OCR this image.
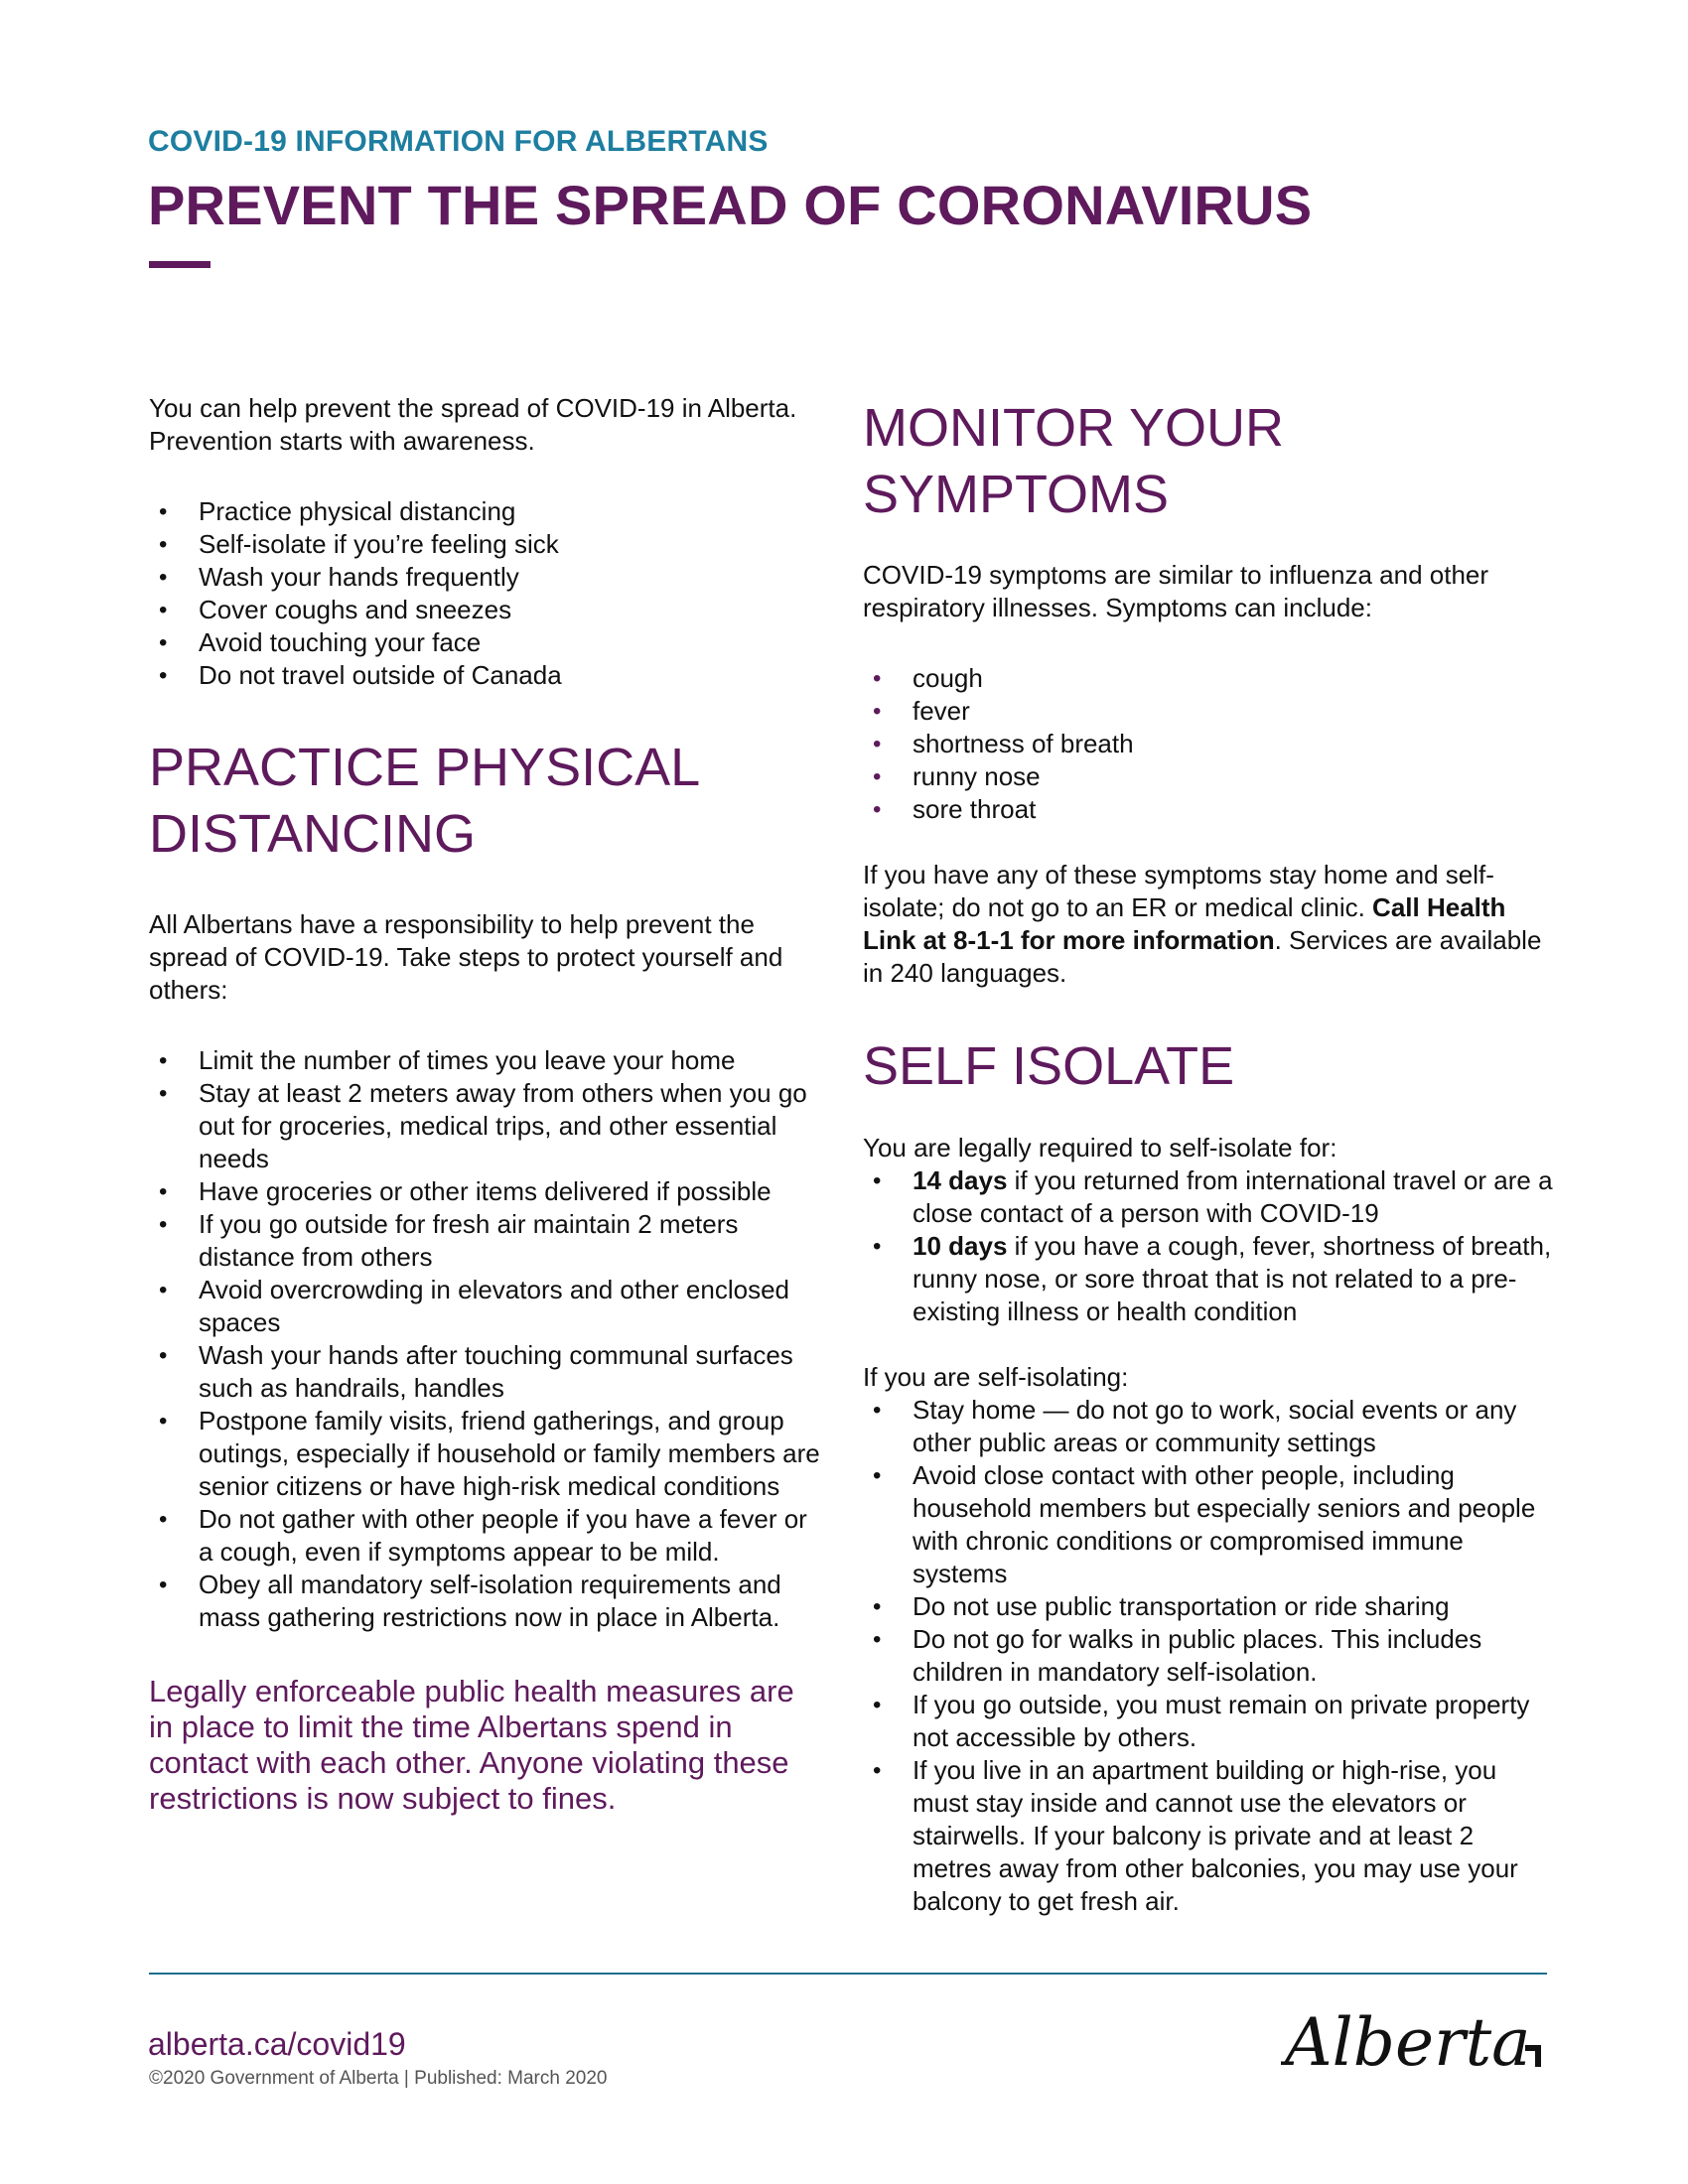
COVID-19 INFORMATION FOR ALBERTANS
PREVENT THE SPREAD OF CORONAVIRUS

You can help prevent the spread of COVID-19 in Alberta. Prevention starts with awareness.

• Practice physical distancing
• Self-isolate if you’re feeling sick
• Wash your hands frequently
• Cover coughs and sneezes
• Avoid touching your face
• Do not travel outside of Canada
PRACTICE PHYSICAL DISTANCING

All Albertans have a responsibility to help prevent the spread of COVID-19. Take steps to protect yourself and others:

• Limit the number of times you leave your home
• Stay at least 2 meters away from others when you go out for groceries, medical trips, and other essential needs
• Have groceries or other items delivered if possible
• If you go outside for fresh air maintain 2 meters distance from others
• Avoid overcrowding in elevators and other enclosed spaces
• Wash your hands after touching communal surfaces such as handrails, handles
• Postpone family visits, friend gatherings, and group outings, especially if household or family members are senior citizens or have high-risk medical conditions
• Do not gather with other people if you have a fever or a cough, even if symptoms appear to be mild.
• Obey all mandatory self-isolation requirements and mass gathering restrictions now in place in Alberta.

Legally enforceable public health measures are in place to limit the time Albertans spend in contact with each other. Anyone violating these restrictions is now subject to fines.

MONITOR YOUR SYMPTOMS

COVID-19 symptoms are similar to influenza and other respiratory illnesses. Symptoms can include:

• cough
• fever
• shortness of breath
• runny nose
• sore throat

If you have any of these symptoms stay home and self-isolate; do not go to an ER or medical clinic. Call Health Link at 8-1-1 for more information. Services are available in 240 languages.

SELF ISOLATE

You are legally required to self-isolate for:

• 14 days if you returned from international travel or are a close contact of a person with COVID-19
• 10 days if you have a cough, fever, shortness of breath, runny nose, or sore throat that is not related to a pre-existing illness or health condition

If you are self-isolating:

• Stay home — do not go to work, social events or any other public areas or community settings
• Avoid close contact with other people, including household members but especially seniors and people with chronic conditions or compromised immune systems
• Do not use public transportation or ride sharing
• Do not go for walks in public places. This includes children in mandatory self-isolation.
• If you go outside, you must remain on private property not accessible by others.
• If you live in an apartment building or high-rise, you must stay inside and cannot use the elevators or stairwells. If your balcony is private and at least 2 metres away from other balconies, you may use your balcony to get fresh air.
alberta.ca/covid19
©2020 Government of Alberta | Published: March 2020	Alberta
